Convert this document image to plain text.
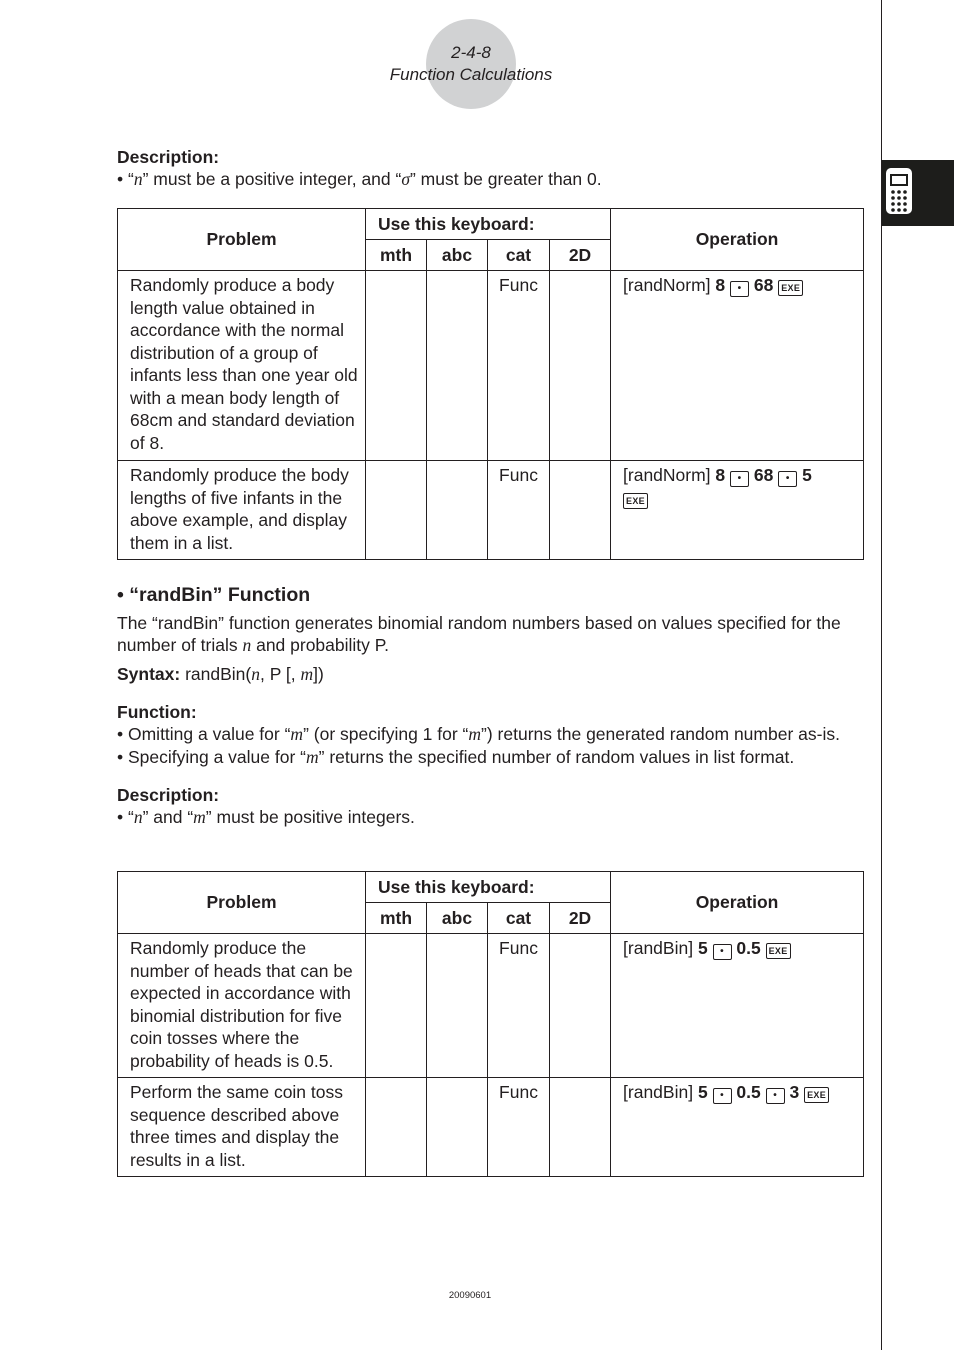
2-4-8
Function Calculations
Description:
• “n” must be a positive integer, and “σ” must be greater than 0.
Problem	Use this keyboard:				Operation
	mth	abc	cat	2D	
Randomly produce a body length value obtained in accordance with the normal distribution of a group of infants less than one year old with a mean body length of 68cm and standard deviation of 8.			Func		[randNorm] 8 • 68 EXE
Randomly produce the body lengths of five infants in the above example, and display them in a list.			Func		[randNorm] 8 • 68 • 5
EXE
• “randBin” Function
The “randBin” function generates binomial random numbers based on values specified for the number of trials n and probability P.
Syntax: randBin(n, P [, m])
Function:
• Omitting a value for “m” (or specifying 1 for “m”) returns the generated random number as-is.
• Specifying a value for “m” returns the specified number of random values in list format.
Description:
• “n” and “m” must be positive integers.
Problem	Use this keyboard:				Operation
	mth	abc	cat	2D	
Randomly produce the number of heads that can be expected in accordance with binomial distribution for five coin tosses where the probability of heads is 0.5.			Func		[randBin] 5 • 0.5 EXE
Perform the same coin toss sequence described above three times and display the results in a list.			Func		[randBin] 5 • 0.5 • 3 EXE
20090601
